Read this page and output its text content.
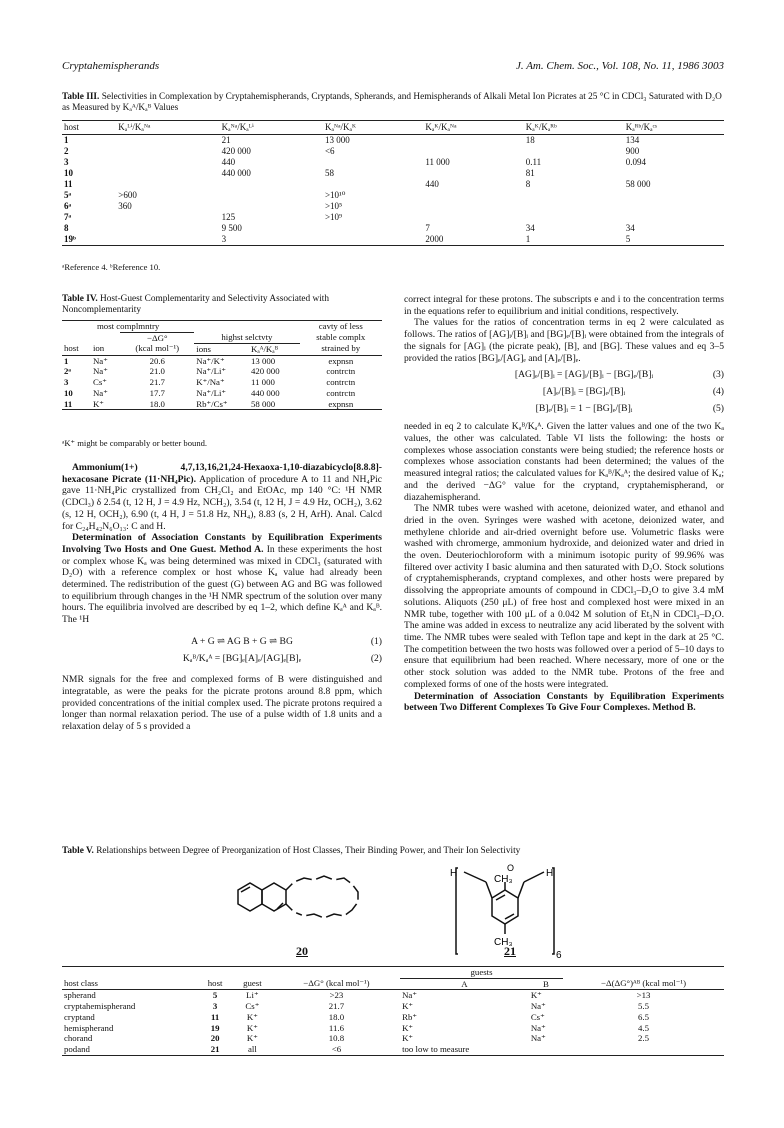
Cryptahemispherands	J. Am. Chem. Soc., Vol. 108, No. 11, 1986 3003
Table III. Selectivities in Complexation by Cryptahemispherands, Cryptands, Spherands, and Hemispherands of Alkali Metal Ion Picrates at 25 °C in CDCl₃ Saturated with D₂O as Measured by Kₐᴬ/Kₐᴮ Values
host	Kₐᴸⁱ/Kₐᴺᵃ	Kₐᴺᵃ/Kₐᴸⁱ	Kₐᴺᵃ/Kₐᴷ	Kₐᴷ/Kₐᴺᵃ	Kₐᴷ/Kₐᴿᵇ	Kₐᴿᵇ/Kₐᶜˢ
1		21	13 000		18	134
2		420 000	<6			900
3		440		11 000	0.11	0.094
10		440 000	58		81	
11				440	8	58 000
5ᵃ	>600		>10¹⁰			
6ᵃ	360		>10⁵			
7ᵃ		125	>10⁹			
8		9 500		7	34	34
19ᵇ		3		2000	1	5
ᵃReference 4. ᵇReference 10.
Table IV. Host-Guest Complementarity and Selectivity Associated with Noncomplementarity
most complmntry					cavty of less
		−ΔG°	highst selctvty		stable complx
host	ion	(kcal mol⁻¹)	ions	Kₐᴬ/Kₐᴮ	strained by
1	Na⁺	20.6	Na⁺/K⁺	13 000	expnsn
2ᵃ	Na⁺	21.0	Na⁺/Li⁺	420 000	contrctn
3	Cs⁺	21.7	K⁺/Na⁺	11 000	contrctn
10	Na⁺	17.7	Na⁺/Li⁺	440 000	contrctn
11	K⁺	18.0	Rb⁺/Cs⁺	58 000	expnsn
ᵃK⁺ might be comparably or better bound.

Ammonium(1+) 4,7,13,16,21,24-Hexaoxa-1,10-diazabicyclo[8.8.8]-hexacosane Picrate (11·NH₄Pic). Application of procedure A to 11 and NH₄Pic gave 11·NH₄Pic crystallized from CH₂Cl₂ and EtOAc, mp 140 °C: ¹H NMR (CDCl₃) δ 2.54 (t, 12 H, J = 4.9 Hz, NCH₂), 3.54 (t, 12 H, J = 4.9 Hz, OCH₂), 3.62 (s, 12 H, OCH₂), 6.90 (t, 4 H, J = 51.8 Hz, NH₄), 8.83 (s, 2 H, ArH). Anal. Calcd for C₂₄H₄₂N₆O₁₃: C and H.

Determination of Association Constants by Equilibration Experiments Involving Two Hosts and One Guest. Method A. In these experiments the host or complex whose Kₐ was being determined was mixed in CDCl₃ (saturated with D₂O) with a reference complex or host whose Kₐ value had already been determined. The redistribution of the guest (G) between AG and BG was followed to equilibrium through changes in the ¹H NMR spectrum of the solution over many hours. The equilibria involved are described by eq 1–2, which define Kₐᴬ and Kₐᴮ. The ¹H

A + G ⇌ AG B + G ⇌ BG	(1)
Kₐᴮ/Kₐᴬ = [BG]ₑ[A]ₑ/[AG]ₑ[B]ₑ	(2)

NMR signals for the free and complexed forms of B were distinguished and integratable, as were the peaks for the picrate protons around 8.8 ppm, which provided concentrations of the initial complex used. The picrate protons required a longer than normal relaxation period. The use of a pulse width of 1.8 units and a relaxation delay of 5 s provided a

correct integral for these protons. The subscripts e and i to the concentration terms in the equations refer to equilibrium and initial conditions, respectively.

The values for the ratios of concentration terms in eq 2 were calculated as follows. The ratios of [AG]ᵢ/[B]ᵢ and [BG]ₑ/[B]ᵢ were obtained from the integrals of the signals for [AG]ᵢ (the picrate peak), [B], and [BG]. These values and eq 3–5 provided the ratios [BG]ₑ/[AG]ₑ and [A]ₑ/[B]ₑ.

[AG]ₑ/[B]ᵢ = [AG]ᵢ/[B]ᵢ − [BG]ₑ/[B]ᵢ	(3)
[A]ₑ/[B]ᵢ = [BG]ₑ/[B]ᵢ	(4)
[B]ₑ/[B]ᵢ = 1 − [BG]ₑ/[B]ᵢ	(5)

needed in eq 2 to calculate Kₐᴮ/Kₐᴬ. Given the latter values and one of the two Kₐ values, the other was calculated. Table VI lists the following: the hosts or complexes whose association constants were being studied; the reference hosts or complexes whose association constants had been determined; the values of the measured integral ratios; the calculated values for Kₐᴮ/Kₐᴬ; the desired value of Kₐ; and the derived −ΔG° value for the cryptand, cryptahemispherand, or diazahemispherand.

The NMR tubes were washed with acetone, deionized water, and ethanol and dried in the oven. Syringes were washed with acetone, deionized water, and methylene chloride and air-dried overnight before use. Volumetric flasks were washed with chromerge, ammonium hydroxide, and deionized water and dried in the oven. Deuteriochloroform with a minimum isotopic purity of 99.96% was filtered over activity I basic alumina and then saturated with D₂O. Stock solutions of cryptahemispherands, cryptand complexes, and other hosts were prepared by dissolving the appropriate amounts of compound in CDCl₃–D₂O to give 3.4 mM solutions. Aliquots (250 μL) of free host and complexed host were mixed in an NMR tube, together with 100 μL of a 0.042 M solution of Et₃N in CDCl₃–D₂O. The amine was added in excess to neutralize any acid liberated by the solvent with time. The NMR tubes were sealed with Teflon tape and kept in the dark at 25 °C. The competition between the two hosts was followed over a period of 5–10 days to ensure that equilibrium had been reached. Where necessary, more of one or the other stock solution was added to the NMR tube. Protons of the free and complexed forms of one of the hosts were integrated.

Determination of Association Constants by Equilibration Experiments between Two Different Complexes To Give Four Complexes. Method B.

Table V. Relationships between Degree of Preorganization of Host Classes, Their Binding Power, and Their Ion Selectivity
20
H	H
O
CH₃
CH₃
6
21
				guests		
host class	host	guest	−ΔG° (kcal mol⁻¹)	A	B	−Δ(ΔG°)ᴬᴮ (kcal mol⁻¹)
spherand	5	Li⁺	>23	Na⁺	K⁺	>13
cryptahemispherand	3	Cs⁺	21.7	K⁺	Na⁺	5.5
cryptand	11	K⁺	18.0	Rb⁺	Cs⁺	6.5
hemispherand	19	K⁺	11.6	K⁺	Na⁺	4.5
chorand	20	K⁺	10.8	K⁺	Na⁺	2.5
podand	21	all	<6	too low to measure		
